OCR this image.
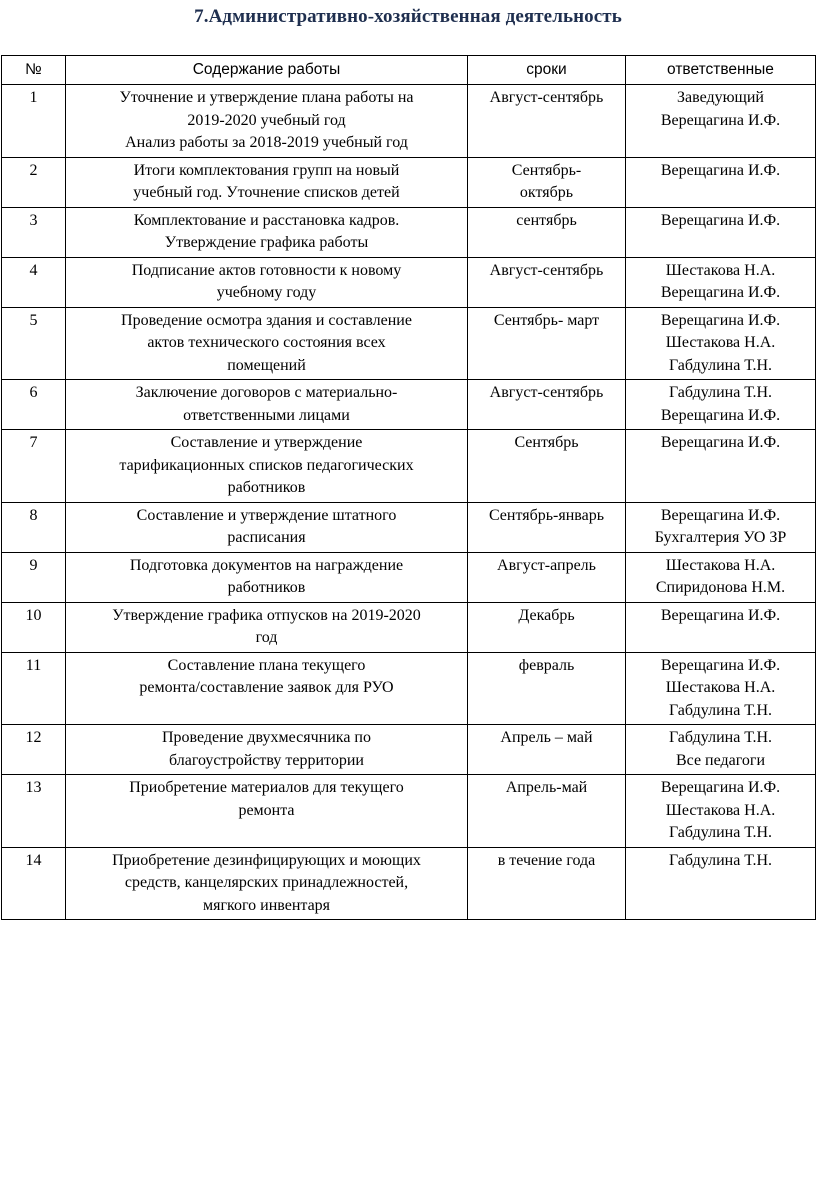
7.Административно-хозяйственная деятельность
№	Содержание работы	сроки	ответственные
1	Уточнение и утверждение плана работы на
2019-2020 учебный год
Анализ работы за 2018-2019 учебный год	Август-сентябрь	Заведующий
Верещагина И.Ф.

2	Итоги комплектования групп на новый
учебный год. Уточнение списков детей	Сентябрь-
октябрь	Верещагина И.Ф.

3	Комплектование и расстановка кадров.
Утверждение графика работы	сентябрь	Верещагина И.Ф.

4	Подписание актов готовности к новому
учебному году	Август-сентябрь	Шестакова Н.А.
Верещагина И.Ф.

5	Проведение осмотра здания и составление
актов технического состояния всех
помещений	Сентябрь- март	Верещагина И.Ф.
Шестакова Н.А.
Габдулина Т.Н.

6	Заключение договоров с материально-
ответственными лицами	Август-сентябрь	Габдулина Т.Н.
Верещагина И.Ф.

7	Составление и утверждение
тарификационных списков педагогических
работников	Сентябрь	Верещагина И.Ф.

8	Составление и утверждение штатного
расписания	Сентябрь-январь	Верещагина И.Ф.
Бухгалтерия УО ЗР

9	Подготовка документов на награждение
работников	Август-апрель	Шестакова Н.А.
Спиридонова Н.М.

10	Утверждение графика отпусков на 2019-2020
год	Декабрь	Верещагина И.Ф.

11	Составление плана текущего
ремонта/составление заявок для РУО	февраль	Верещагина И.Ф.
Шестакова Н.А.
Габдулина Т.Н.

12	Проведение двухмесячника по
благоустройству территории	Апрель – май	Габдулина Т.Н.
Все педагоги

13	Приобретение материалов для текущего
ремонта	Апрель-май	Верещагина И.Ф.
Шестакова Н.А.
Габдулина Т.Н.

14	Приобретение дезинфицирующих и моющих
средств, канцелярских принадлежностей,
мягкого инвентаря	в течение года	Габдулина Т.Н.
